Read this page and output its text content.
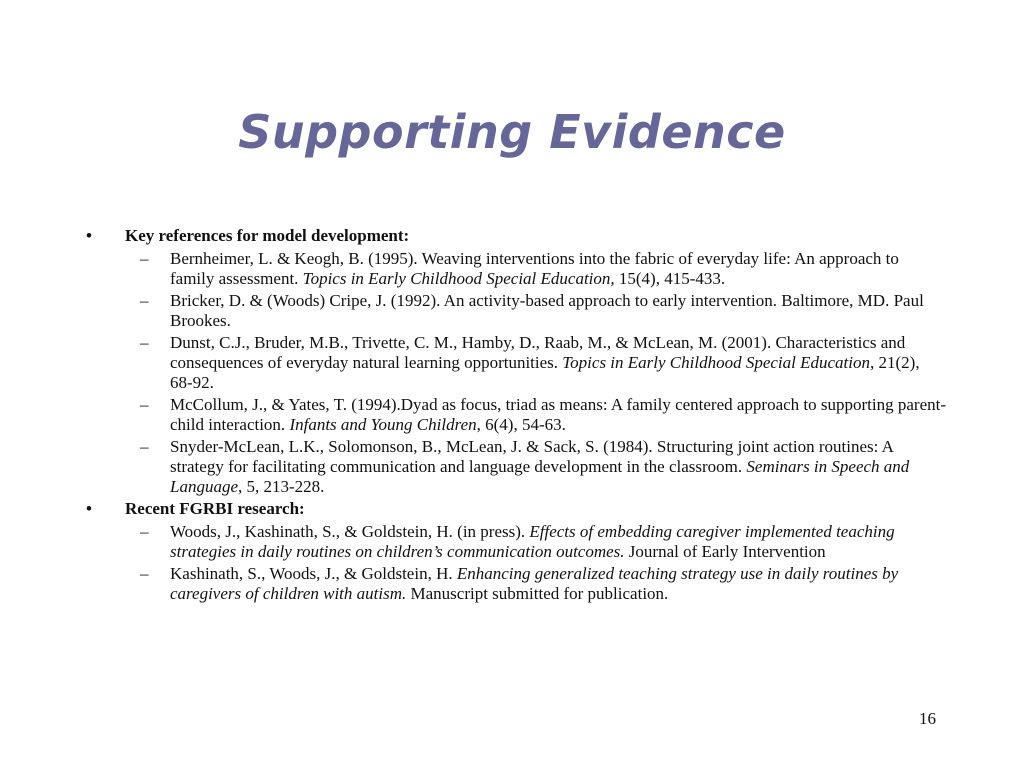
Supporting Evidence
• Key references for model development:
– Bernheimer, L. & Keogh, B. (1995). Weaving interventions into the fabric of everyday life: An approach to family assessment. Topics in Early Childhood Special Education, 15(4), 415-433.
– Bricker, D. & (Woods) Cripe, J. (1992). An activity-based approach to early intervention. Baltimore, MD. Paul Brookes.
– Dunst, C.J., Bruder, M.B., Trivette, C. M., Hamby, D., Raab, M., & McLean, M. (2001). Characteristics and consequences of everyday natural learning opportunities. Topics in Early Childhood Special Education, 21(2), 68-92.
– McCollum, J., & Yates, T. (1994).Dyad as focus, triad as means: A family centered approach to supporting parent-child interaction. Infants and Young Children, 6(4), 54-63.
– Snyder-McLean, L.K., Solomonson, B., McLean, J. & Sack, S. (1984). Structuring joint action routines: A strategy for facilitating communication and language development in the classroom. Seminars in Speech and Language, 5, 213-228.
• Recent FGRBI research:
– Woods, J., Kashinath, S., & Goldstein, H. (in press). Effects of embedding caregiver implemented teaching strategies in daily routines on children’s communication outcomes. Journal of Early Intervention
– Kashinath, S., Woods, J., & Goldstein, H. Enhancing generalized teaching strategy use in daily routines by caregivers of children with autism. Manuscript submitted for publication.
16
